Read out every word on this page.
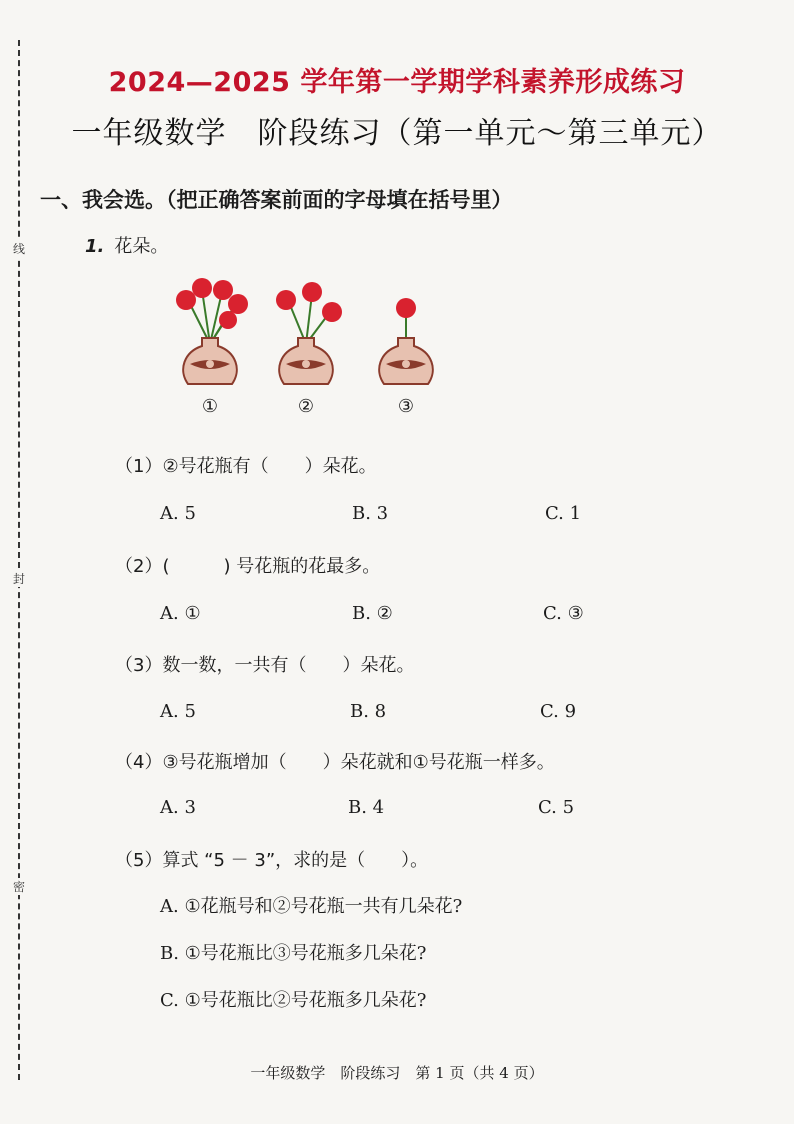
线
封
密
2024—2025 学年第一学期学科素养形成练习
一年级数学　阶段练习（第一单元～第三单元）
一、我会选。（把正确答案前面的字母填在括号里）
1. 花朵。
①	②	③
（1）②号花瓶有（　　）朵花。
A. 5	B. 3	C. 1
（2）(　　　) 号花瓶的花最多。
A. ①	B. ②	C. ③
（3）数一数，一共有（　　）朵花。
A. 5	B. 8	C. 9
（4）③号花瓶增加（　　）朵花就和①号花瓶一样多。
A. 3	B. 4	C. 5
（5）算式 “5 － 3”，求的是（　　）。
A. ①花瓶号和②号花瓶一共有几朵花?
B. ①号花瓶比③号花瓶多几朵花?
C. ①号花瓶比②号花瓶多几朵花?
一年级数学　阶段练习　第 1 页（共 4 页）
